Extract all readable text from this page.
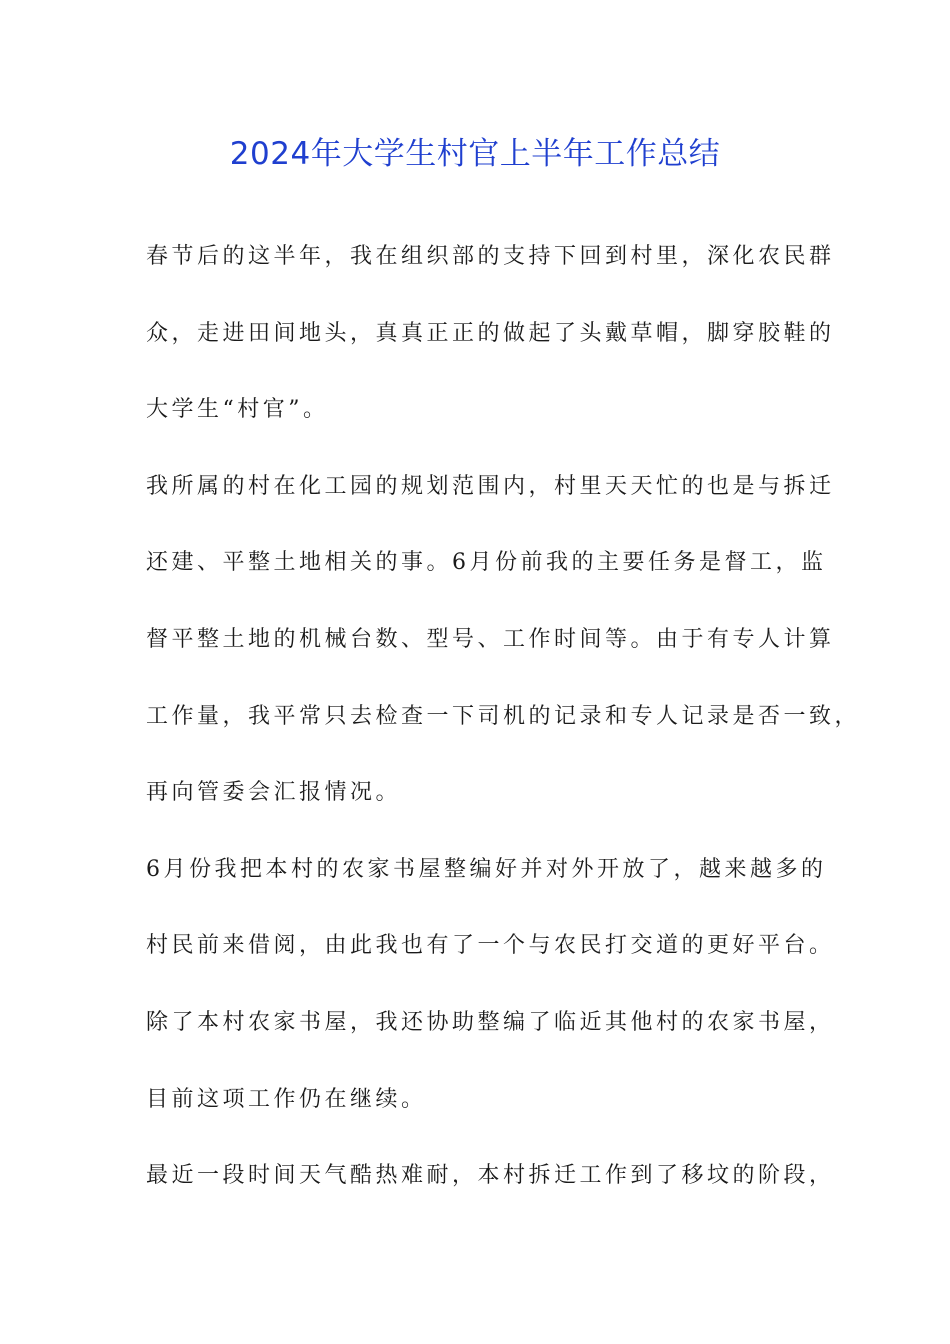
2024年大学生村官上半年工作总结
春节后的这半年，我在组织部的支持下回到村里，深化农民群
众，走进田间地头，真真正正的做起了头戴草帽，脚穿胶鞋的
大学生“村官”。
我所属的村在化工园的规划范围内，村里天天忙的也是与拆迁
还建、平整土地相关的事。6月份前我的主要任务是督工，监
督平整土地的机械台数、型号、工作时间等。由于有专人计算
工作量，我平常只去检查一下司机的记录和专人记录是否一致，
再向管委会汇报情况。
6月份我把本村的农家书屋整编好并对外开放了，越来越多的
村民前来借阅，由此我也有了一个与农民打交道的更好平台。
除了本村农家书屋，我还协助整编了临近其他村的农家书屋，
目前这项工作仍在继续。
最近一段时间天气酷热难耐，本村拆迁工作到了移坟的阶段，
